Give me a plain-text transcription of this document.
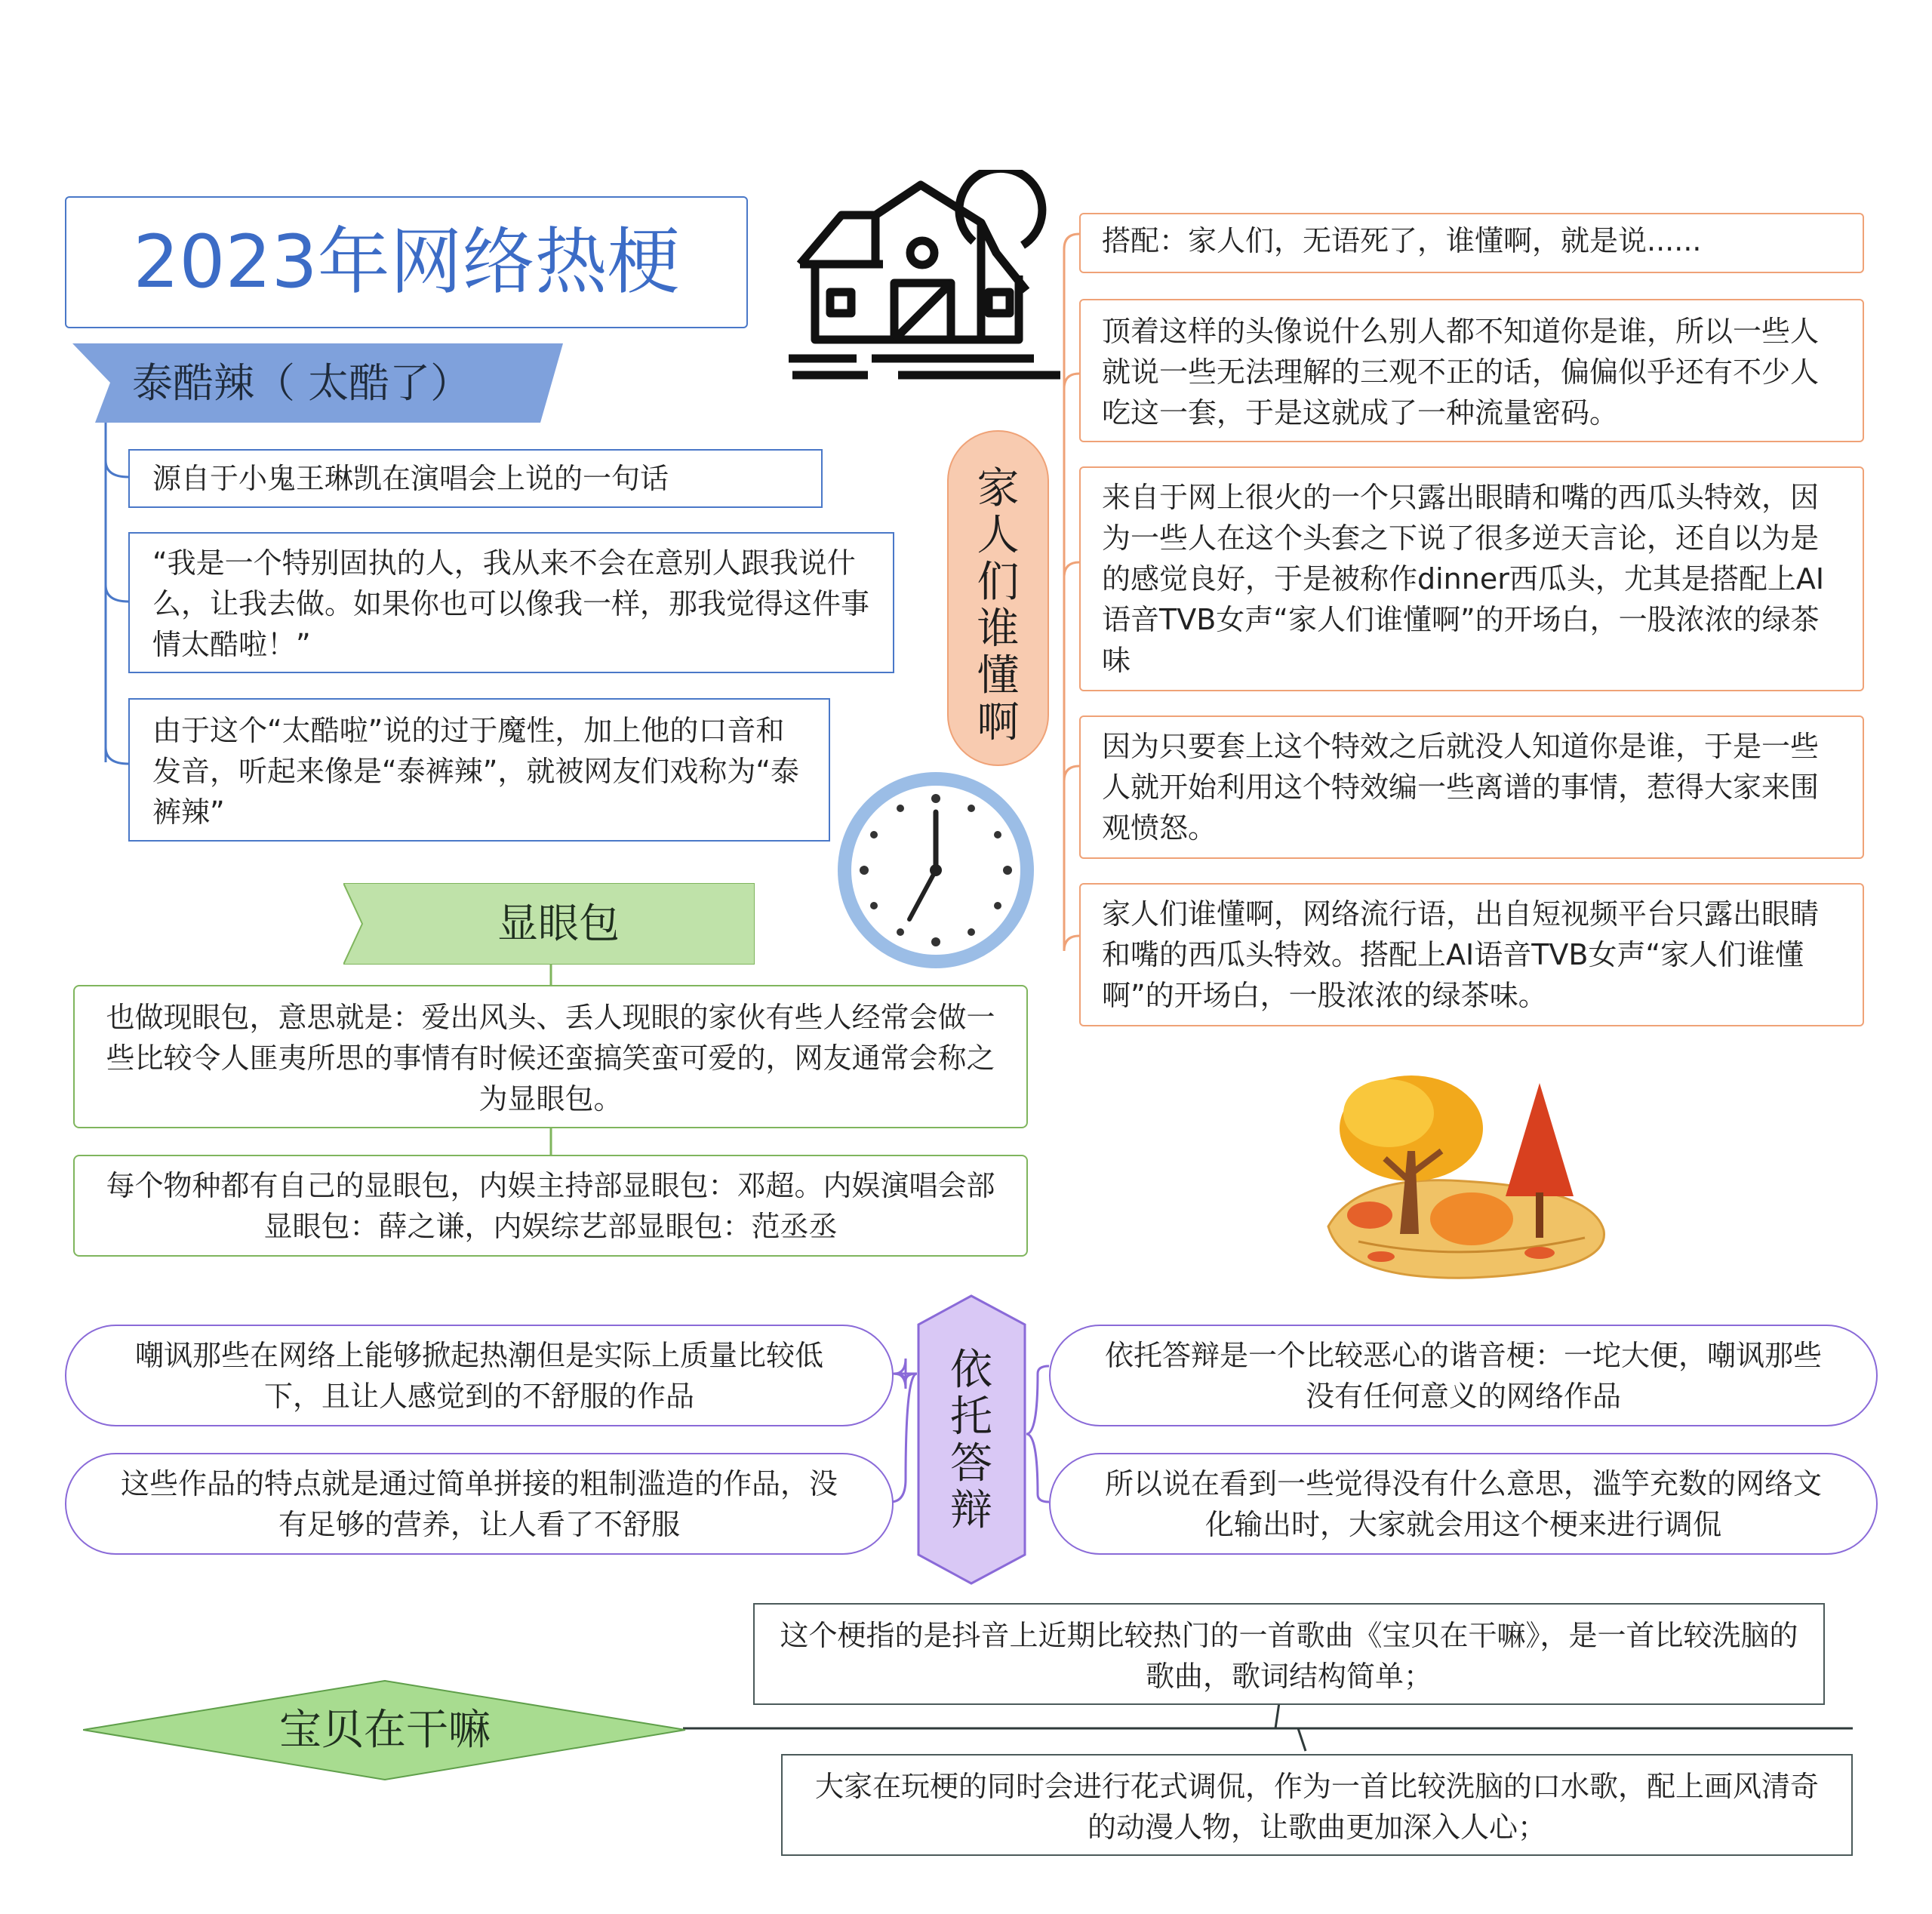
2023年网络热梗
泰酷辣（ 太酷了）
源自于小鬼王琳凯在演唱会上说的一句话
“我是一个特别固执的人，我从来不会在意别人跟我说什么，让我去做。如果你也可以像我一样，那我觉得这件事情太酷啦！”
由于这个“太酷啦”说的过于魔性，加上他的口音和发音，听起来像是“泰裤辣”，就被网友们戏称为“泰裤辣”
显眼包
也做现眼包，意思就是：爱出风头、丢人现眼的家伙有些人经常会做一些比较令人匪夷所思的事情有时候还蛮搞笑蛮可爱的，网友通常会称之为显眼包。
每个物种都有自己的显眼包，内娱主持部显眼包：邓超。内娱演唱会部显眼包：薛之谦，内娱综艺部显眼包：范丞丞
家人们谁懂啊
搭配：家人们，无语死了，谁懂啊，就是说......
顶着这样的头像说什么别人都不知道你是谁，所以一些人就说一些无法理解的三观不正的话，偏偏似乎还有不少人吃这一套，于是这就成了一种流量密码。
来自于网上很火的一个只露出眼睛和嘴的西瓜头特效，因为一些人在这个头套之下说了很多逆天言论，还自以为是的感觉良好，于是被称作dinner西瓜头，尤其是搭配上AI语音TVB女声“家人们谁懂啊”的开场白，一股浓浓的绿茶味
因为只要套上这个特效之后就没人知道你是谁，于是一些人就开始利用这个特效编一些离谱的事情，惹得大家来围观愤怒。
家人们谁懂啊，网络流行语，出自短视频平台只露出眼睛和嘴的西瓜头特效。搭配上AI语音TVB女声“家人们谁懂啊”的开场白，一股浓浓的绿茶味。
依托答辩
嘲讽那些在网络上能够掀起热潮但是实际上质量比较低下，且让人感觉到的不舒服的作品
这些作品的特点就是通过简单拼接的粗制滥造的作品，没有足够的营养，让人看了不舒服
依托答辩是一个比较恶心的谐音梗：一坨大便，嘲讽那些没有任何意义的网络作品
所以说在看到一些觉得没有什么意思，滥竽充数的网络文化输出时，大家就会用这个梗来进行调侃
宝贝在干嘛
这个梗指的是抖音上近期比较热门的一首歌曲《宝贝在干嘛》，是一首比较洗脑的歌曲，歌词结构简单；
大家在玩梗的同时会进行花式调侃，作为一首比较洗脑的口水歌，配上画风清奇的动漫人物，让歌曲更加深入人心；
